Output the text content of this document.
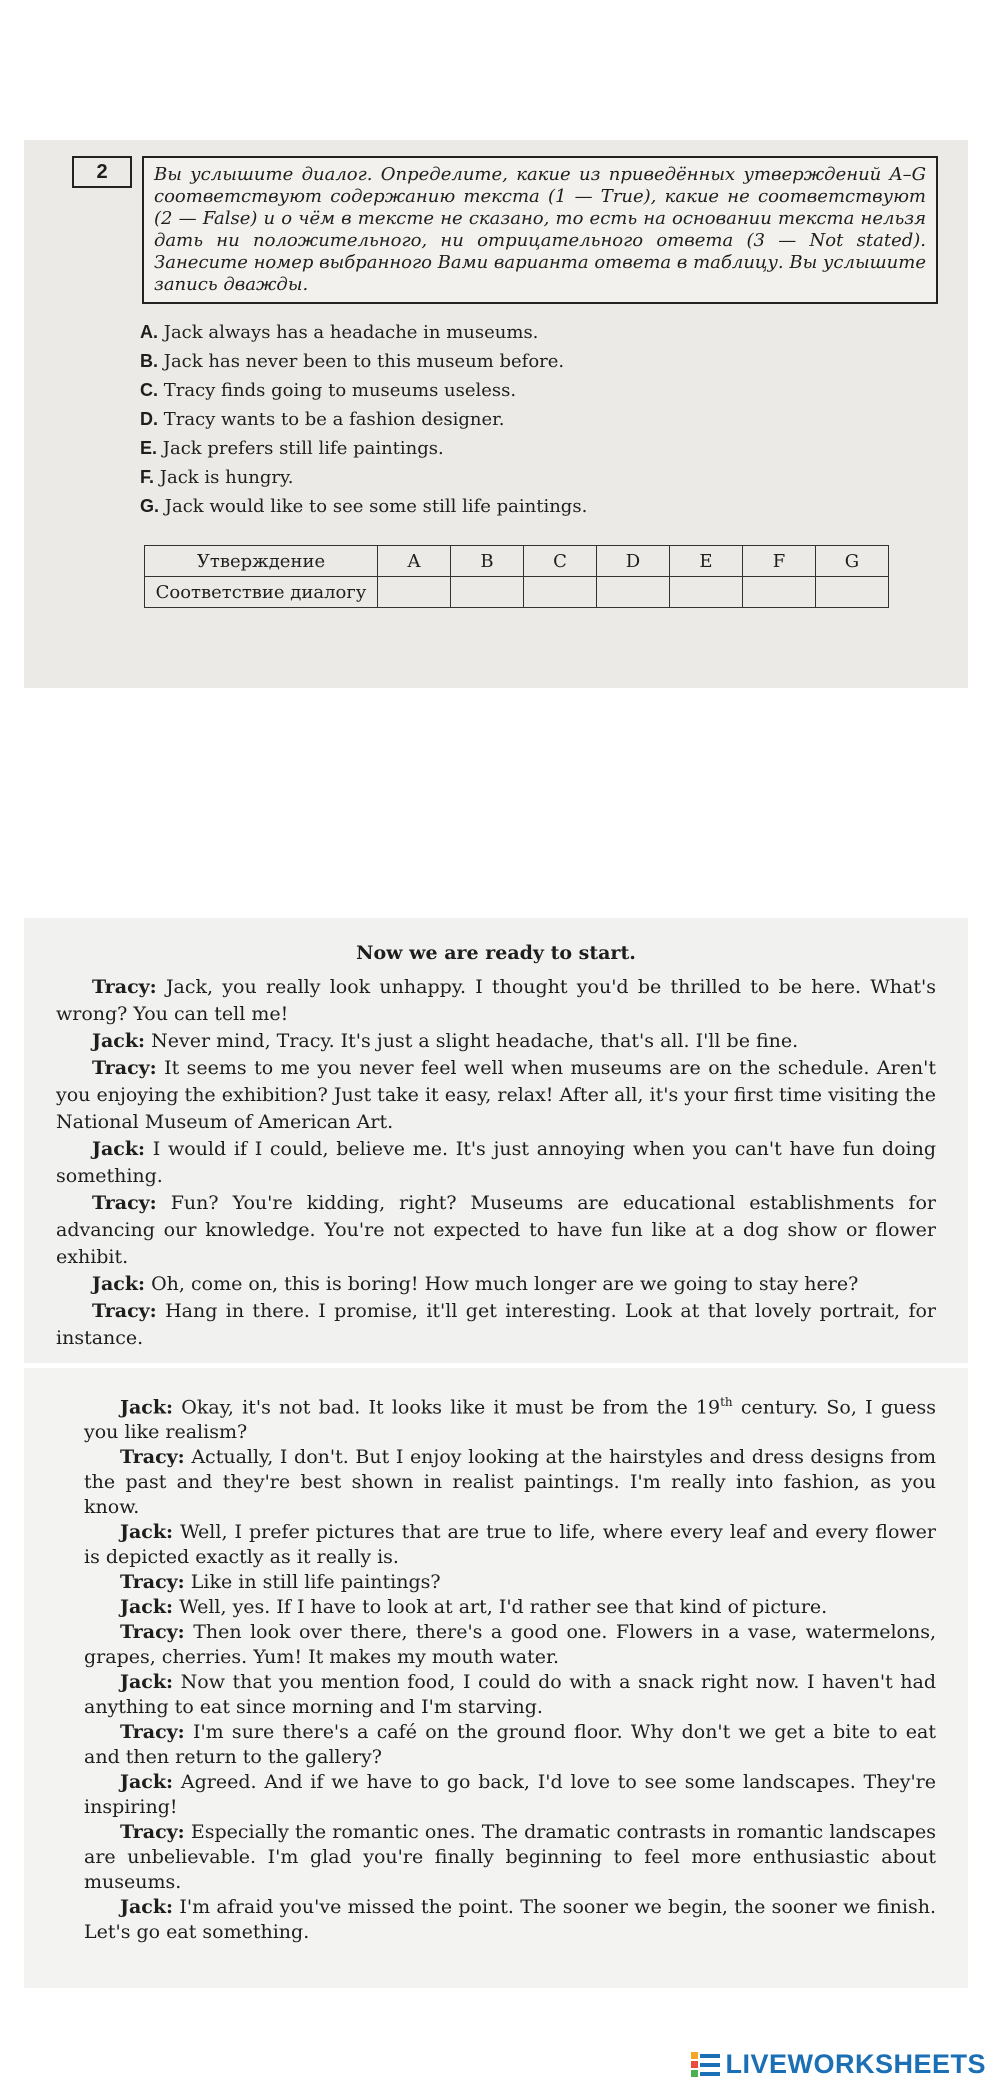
2	Вы услышите диалог. Определите, какие из приведённых утверждений A–G соответствуют содержанию текста (1 — True), какие не соответствуют (2 — False) и о чём в тексте не сказано, то есть на основании текста нельзя дать ни положительного, ни отрицательного ответа (3 — Not stated). Занесите номер выбранного Вами варианта ответа в таблицу. Вы услышите запись дважды.
A. Jack always has a headache in museums.
B. Jack has never been to this museum before.
C. Tracy finds going to museums useless.
D. Tracy wants to be a fashion designer.
E. Jack prefers still life paintings.
F. Jack is hungry.
G. Jack would like to see some still life paintings.
Утверждение	A	B	C	D	E	F	G
Соответствие диалогу							
Now we are ready to start.

Tracy: Jack, you really look unhappy. I thought you'd be thrilled to be here. What's wrong? You can tell me!

Jack: Never mind, Tracy. It's just a slight headache, that's all. I'll be fine.

Tracy: It seems to me you never feel well when museums are on the schedule. Aren't you enjoying the exhibition? Just take it easy, relax! After all, it's your first time visiting the National Museum of American Art.

Jack: I would if I could, believe me. It's just annoying when you can't have fun doing something.

Tracy: Fun? You're kidding, right? Museums are educational establishments for advancing our knowledge. You're not expected to have fun like at a dog show or flower exhibit.

Jack: Oh, come on, this is boring! How much longer are we going to stay here?

Tracy: Hang in there. I promise, it'll get interesting. Look at that lovely portrait, for instance.

Jack: Okay, it's not bad. It looks like it must be from the 19th century. So, I guess you like realism?

Tracy: Actually, I don't. But I enjoy looking at the hairstyles and dress designs from the past and they're best shown in realist paintings. I'm really into fashion, as you know.

Jack: Well, I prefer pictures that are true to life, where every leaf and every flower is depicted exactly as it really is.

Tracy: Like in still life paintings?

Jack: Well, yes. If I have to look at art, I'd rather see that kind of picture.

Tracy: Then look over there, there's a good one. Flowers in a vase, watermelons, grapes, cherries. Yum! It makes my mouth water.

Jack: Now that you mention food, I could do with a snack right now. I haven't had anything to eat since morning and I'm starving.

Tracy: I'm sure there's a café on the ground floor. Why don't we get a bite to eat and then return to the gallery?

Jack: Agreed. And if we have to go back, I'd love to see some landscapes. They're inspiring!

Tracy: Especially the romantic ones. The dramatic contrasts in romantic landscapes are unbelievable. I'm glad you're finally beginning to feel more enthusiastic about museums.

Jack: I'm afraid you've missed the point. The sooner we begin, the sooner we finish. Let's go eat something.

LIVEWORKSHEETS
